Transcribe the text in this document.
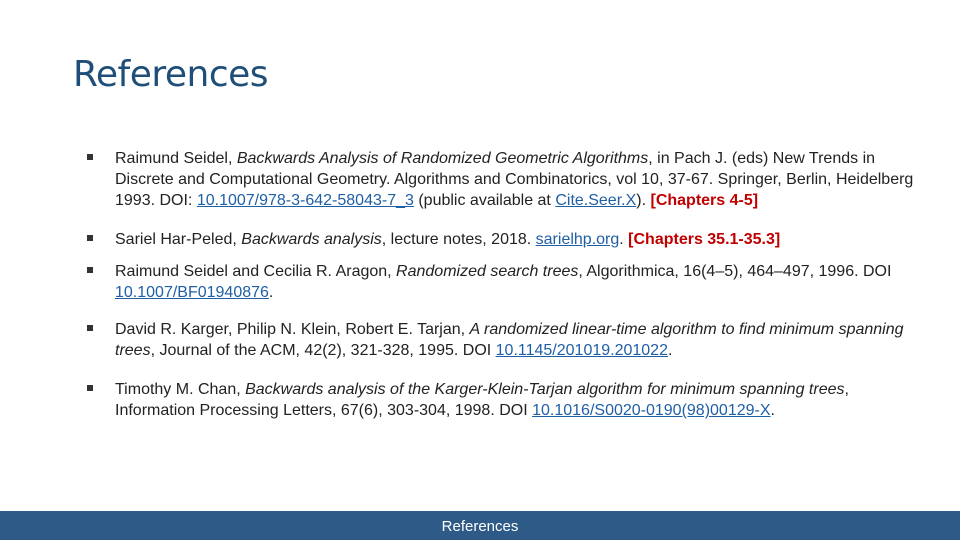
References
Raimund Seidel, Backwards Analysis of Randomized Geometric Algorithms, in Pach J. (eds) New Trends in Discrete and Computational Geometry. Algorithms and Combinatorics, vol 10, 37-67. Springer, Berlin, Heidelberg 1993. DOI: 10.1007/978-3-642-58043-7_3 (public available at Cite.Seer.X). [Chapters 4-5]
Sariel Har-Peled, Backwards analysis, lecture notes, 2018. sarielhp.org. [Chapters 35.1-35.3]
Raimund Seidel and Cecilia R. Aragon, Randomized search trees, Algorithmica, 16(4–5), 464–497, 1996. DOI 10.1007/BF01940876.
David R. Karger, Philip N. Klein, Robert E. Tarjan, A randomized linear-time algorithm to find minimum spanning trees, Journal of the ACM, 42(2), 321-328, 1995. DOI 10.1145/201019.201022.
Timothy M. Chan, Backwards analysis of the Karger-Klein-Tarjan algorithm for minimum spanning trees, Information Processing Letters, 67(6), 303-304, 1998. DOI 10.1016/S0020-0190(98)00129-X.
References
